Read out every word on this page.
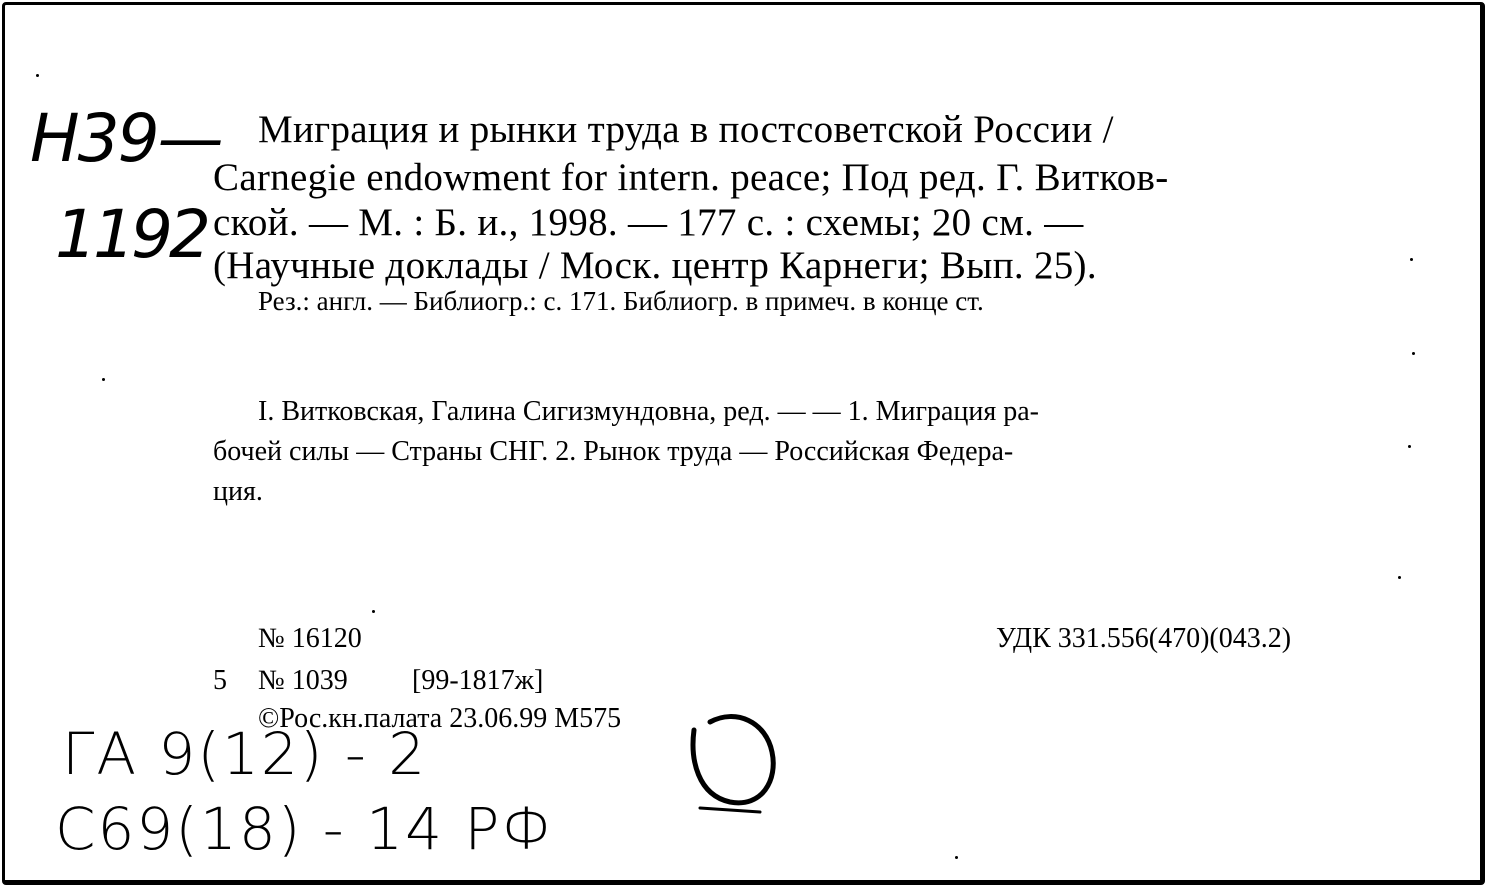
Н39—
1192
Миграция и рынки труда в постсоветской России /
Carnegie endowment for intern. peace; Под ред. Г. Витков-
ской. — М. : Б. и., 1998. — 177 с. : схемы; 20 см. —
(Научные доклады / Моск. центр Карнеги; Вып. 25).
Рез.: англ. — Библиогр.: с. 171. Библиогр. в примеч. в конце ст.
I. Витковская, Галина Сигизмундовна, ред. — — 1. Миграция ра-
бочей силы — Страны СНГ. 2. Рынок труда — Российская Федера-
ция.
№ 16120	УДК 331.556(470)(043.2)
5 № 1039 [99-1817ж]
©Рос.кн.палата 23.06.99 М575
ГА 9(12) - 2
С69(18) - 14 РФ
